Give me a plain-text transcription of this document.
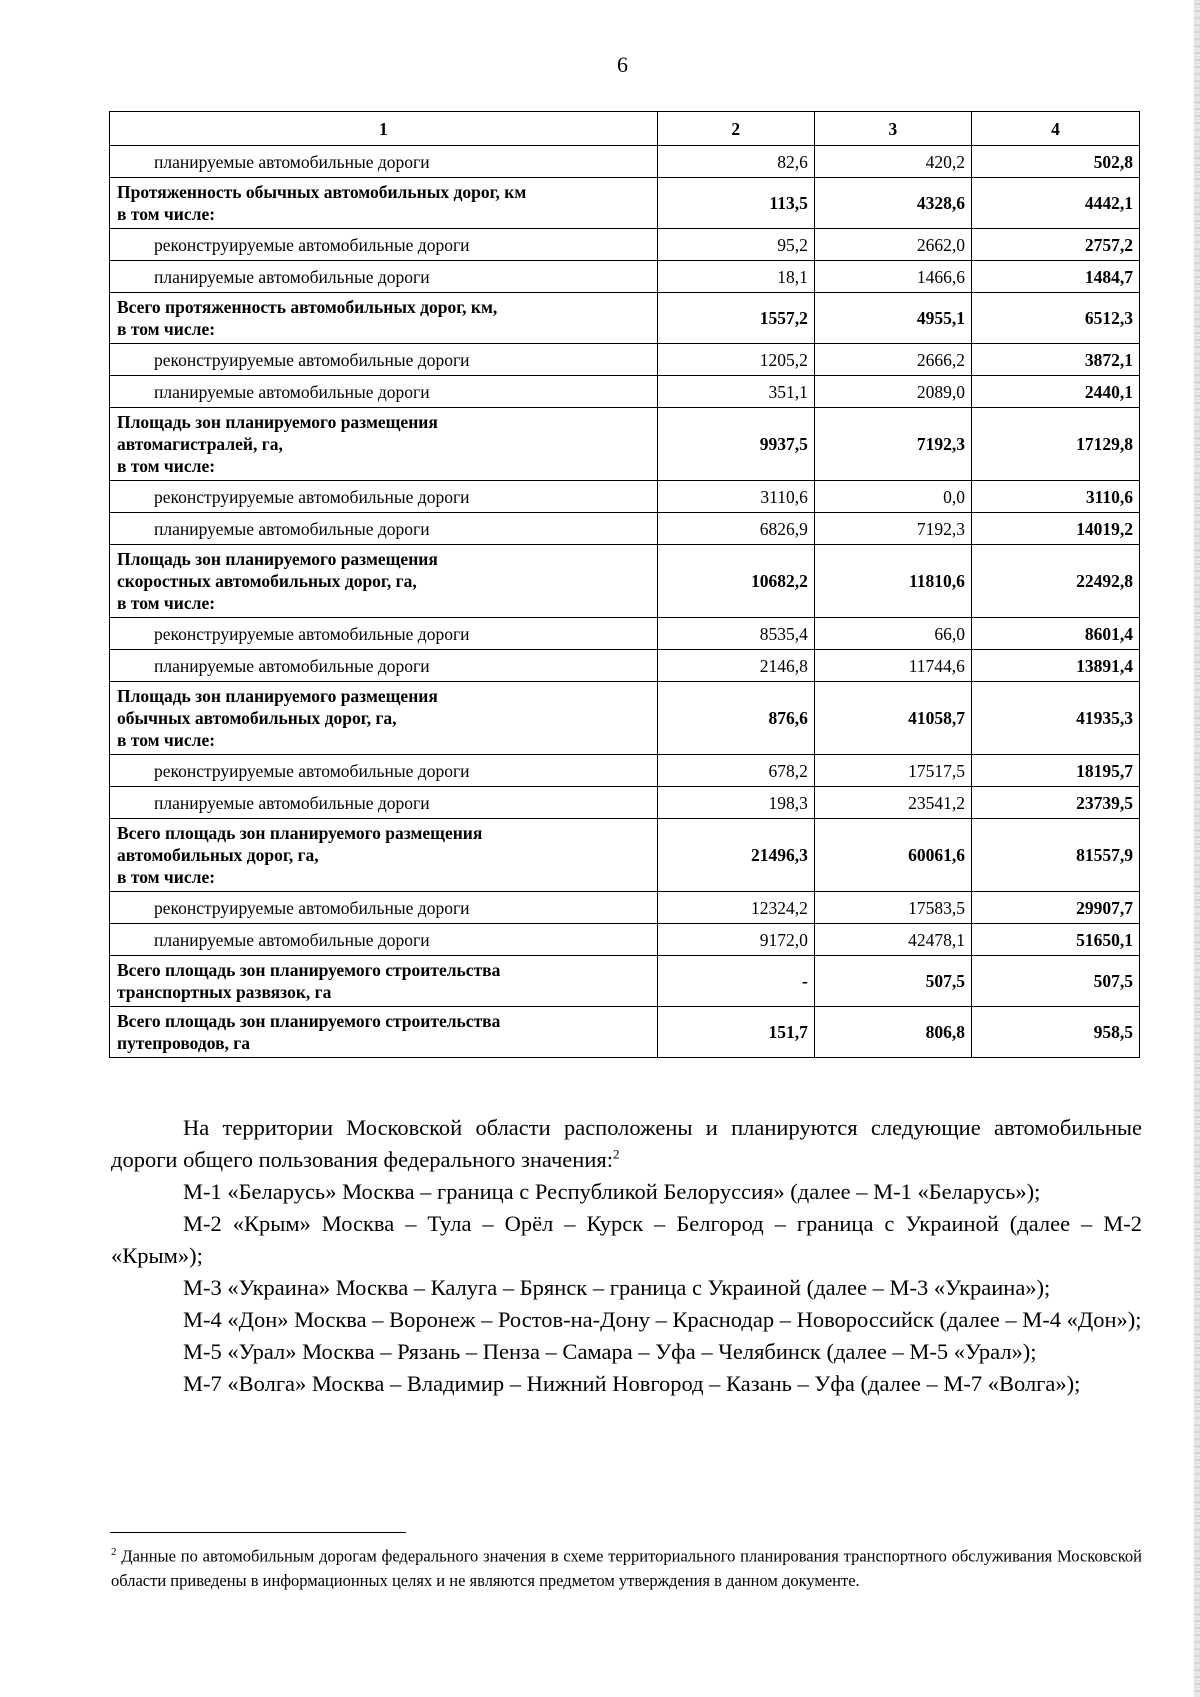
6
1	2	3	4
планируемые автомобильные дороги	82,6	420,2	502,8
Протяженность обычных автомобильных дорог, км
в том числе:	113,5	4328,6	4442,1
реконструируемые автомобильные дороги	95,2	2662,0	2757,2
планируемые автомобильные дороги	18,1	1466,6	1484,7
Всего протяженность автомобильных дорог, км,
в том числе:	1557,2	4955,1	6512,3
реконструируемые автомобильные дороги	1205,2	2666,2	3872,1
планируемые автомобильные дороги	351,1	2089,0	2440,1
Площадь зон планируемого размещения
автомагистралей, га,
в том числе:	9937,5	7192,3	17129,8
реконструируемые автомобильные дороги	3110,6	0,0	3110,6
планируемые автомобильные дороги	6826,9	7192,3	14019,2
Площадь зон планируемого размещения
скоростных автомобильных дорог, га,
в том числе:	10682,2	11810,6	22492,8
реконструируемые автомобильные дороги	8535,4	66,0	8601,4
планируемые автомобильные дороги	2146,8	11744,6	13891,4
Площадь зон планируемого размещения
обычных автомобильных дорог, га,
в том числе:	876,6	41058,7	41935,3
реконструируемые автомобильные дороги	678,2	17517,5	18195,7
планируемые автомобильные дороги	198,3	23541,2	23739,5
Всего площадь зон планируемого размещения
автомобильных дорог, га,
в том числе:	21496,3	60061,6	81557,9
реконструируемые автомобильные дороги	12324,2	17583,5	29907,7
планируемые автомобильные дороги	9172,0	42478,1	51650,1
Всего площадь зон планируемого строительства
транспортных развязок, га	-	507,5	507,5
Всего площадь зон планируемого строительства
путепроводов, га	151,7	806,8	958,5

На территории Московской области расположены и планируются следующие автомобильные дороги общего пользования федерального значения:$^2$

М-1 «Беларусь» Москва – граница с Республикой Белоруссия» (далее – М-1 «Беларусь»);

М-2 «Крым» Москва – Тула – Орёл – Курск – Белгород – граница с Украиной (далее – М-2 «Крым»);

М-3 «Украина» Москва – Калуга – Брянск – граница с Украиной (далее – М-3 «Украина»);

М-4 «Дон» Москва – Воронеж – Ростов-на-Дону – Краснодар – Новороссийск (далее – М-4 «Дон»);

М-5 «Урал» Москва – Рязань – Пенза – Самара – Уфа – Челябинск (далее – М-5 «Урал»);

М-7 «Волга» Москва – Владимир – Нижний Новгород – Казань – Уфа (далее – М-7 «Волга»);

$^2$ Данные по автомобильным дорогам федерального значения в схеме территориального планирования транспортного обслуживания Московской области приведены в информационных целях и не являются предметом утверждения в данном документе.
